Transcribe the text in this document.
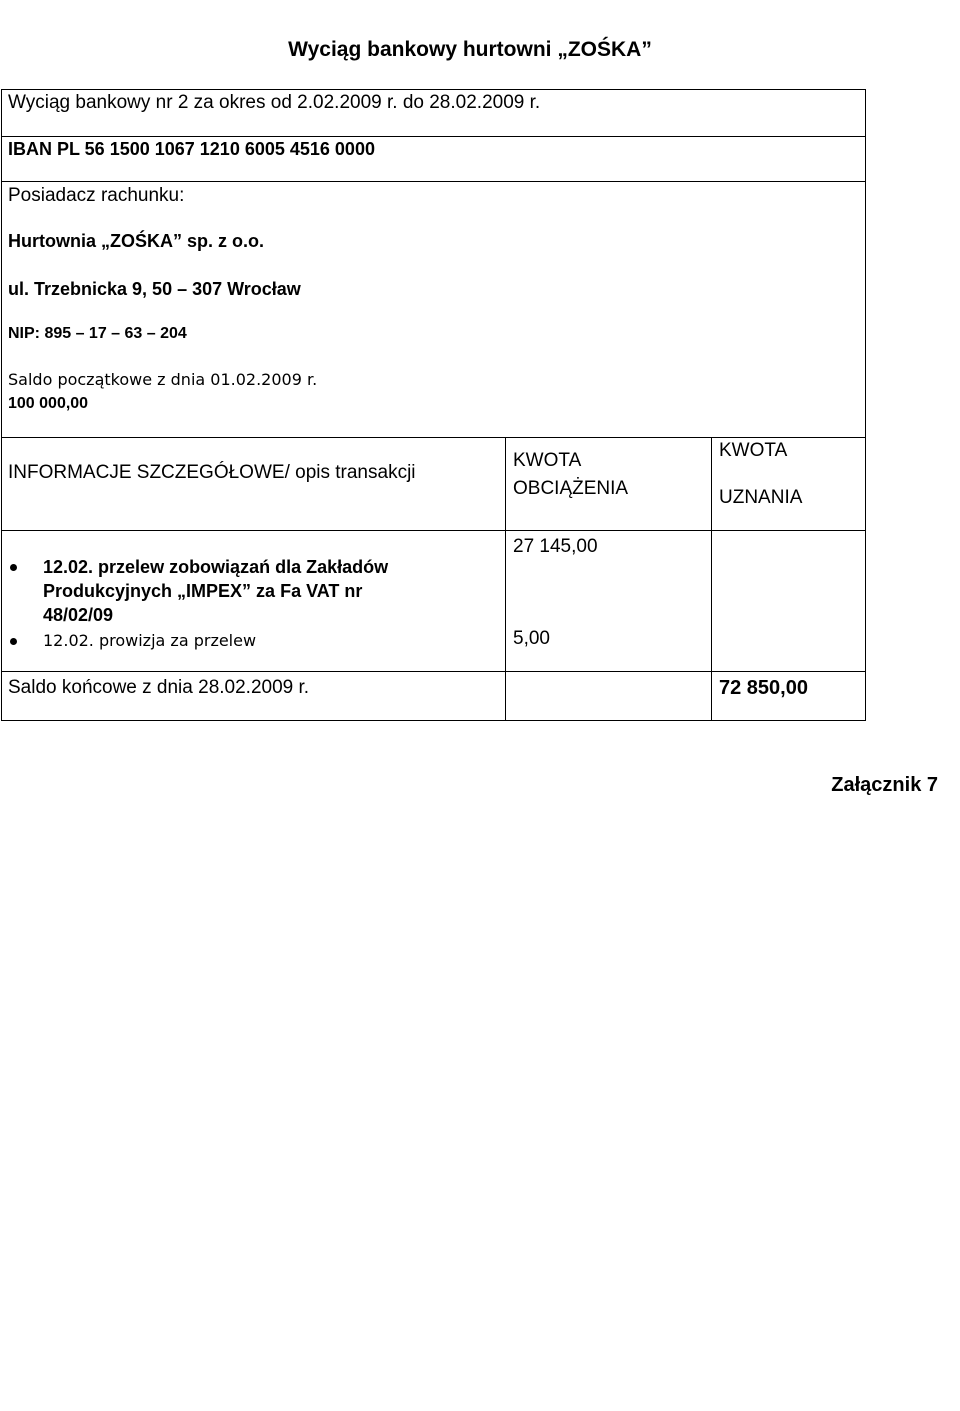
Wyciąg bankowy hurtowni „ZOŚKA”
Wyciąg bankowy nr 2 za okres od 2.02.2009 r. do 28.02.2009 r.
IBAN PL 56 1500 1067 1210 6005 4516 0000
Posiadacz rachunku:
Hurtownia „ZOŚKA” sp. z o.o.
ul. Trzebnicka 9, 50 – 307 Wrocław
NIP: 895 – 17 – 63 – 204
Saldo początkowe z dnia 01.02.2009 r.
100 000,00
INFORMACJE SZCZEGÓŁOWE/ opis transakcji
KWOTA
OBCIĄŻENIA
KWOTA
UZNANIA
12.02. przelew zobowiązań dla Zakładów
Produkcyjnych „IMPEX” za Fa VAT nr
48/02/09
27 145,00
12.02. prowizja za przelew	5,00
Saldo końcowe z dnia 28.02.2009 r.	72 850,00
Załącznik 7
